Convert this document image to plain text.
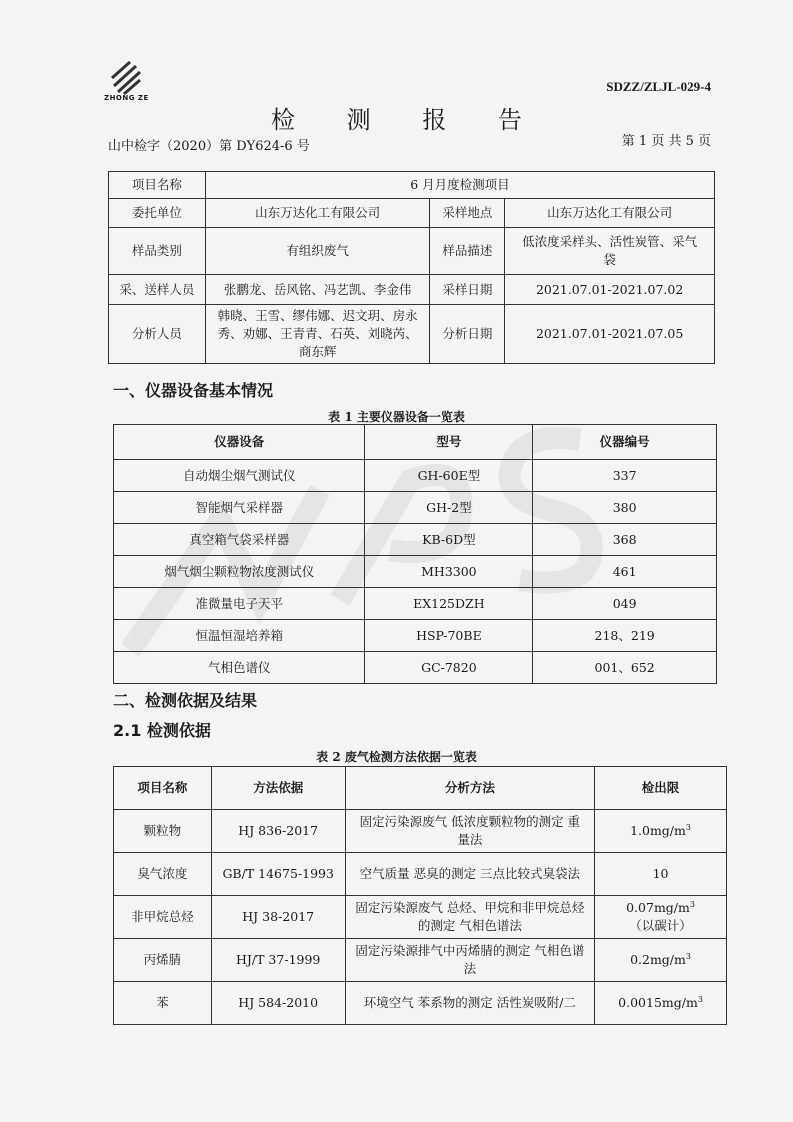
ZHONG ZE
SDZZ/ZLJL-029-4
检 测 报 告
山中检字（2020）第 DY624-6 号	第 1 页 共 5 页
项目名称	6 月月度检测项目		
委托单位	山东万达化工有限公司	采样地点	山东万达化工有限公司
样品类别	有组织废气	样品描述	低浓度采样头、活性炭管、采气袋
采、送样人员	张鹏龙、岳风铭、冯艺凯、李金伟	采样日期	2021.07.01-2021.07.02
分析人员	韩晓、王雪、缪伟娜、迟文玥、房永秀、劝娜、王青青、石英、刘晓芮、商东辉	分析日期	2021.07.01-2021.07.05
一、仪器设备基本情况
表 1 主要仪器设备一览表
仪器设备	型号	仪器编号
自动烟尘烟气测试仪	GH-60E型	337
智能烟气采样器	GH-2型	380
真空箱气袋采样器	KB-6D型	368
烟气烟尘颗粒物浓度测试仪	MH3300	461
准微量电子天平	EX125DZH	049
恒温恒湿培养箱	HSP-70BE	218、219
气相色谱仪	GC-7820	001、652
二、检测依据及结果
2.1 检测依据
表 2 废气检测方法依据一览表
项目名称	方法依据	分析方法	检出限
颗粒物	HJ 836-2017	固定污染源废气 低浓度颗粒物的测定 重量法	$1.0mg/m^3$
臭气浓度	GB/T 14675-1993	空气质量 恶臭的测定 三点比较式臭袋法	10
非甲烷总烃	HJ 38-2017	固定污染源废气 总烃、甲烷和非甲烷总烃的测定 气相色谱法	$0.07mg/m^3$
（以碳计）
丙烯腈	HJ/T 37-1999	固定污染源排气中丙烯腈的测定 气相色谱法	$0.2mg/m^3$
苯	HJ 584-2010	环境空气 苯系物的测定 活性炭吸附/二	$0.0015mg/m^3$
